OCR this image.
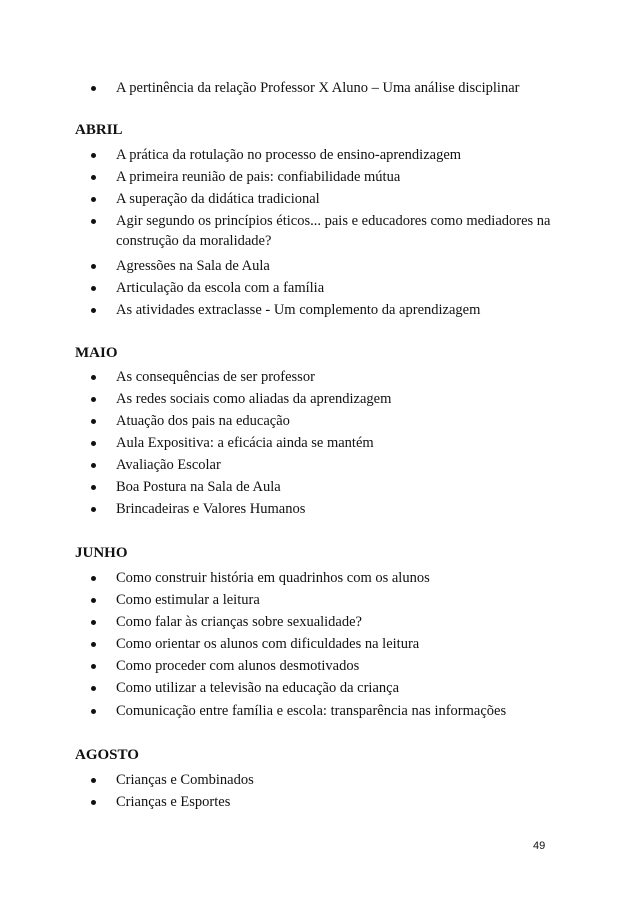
A pertinência da relação Professor X Aluno – Uma análise disciplinar
ABRIL
A prática da rotulação no processo de ensino-aprendizagem
A primeira reunião de pais: confiabilidade mútua
A superação da didática tradicional
Agir segundo os princípios éticos... pais e educadores como mediadores na construção da moralidade?
Agressões na Sala de Aula
Articulação da escola com a família
As atividades extraclasse - Um complemento da aprendizagem
MAIO
As consequências de ser professor
As redes sociais como aliadas da aprendizagem
Atuação dos pais na educação
Aula Expositiva: a eficácia ainda se mantém
Avaliação Escolar
Boa Postura na Sala de Aula
Brincadeiras e Valores Humanos
JUNHO
Como construir história em quadrinhos com os alunos
Como estimular a leitura
Como falar às crianças sobre sexualidade?
Como orientar os alunos com dificuldades na leitura
Como proceder com alunos desmotivados
Como utilizar a televisão na educação da criança
Comunicação entre família e escola: transparência nas informações
AGOSTO
Crianças e Combinados
Crianças e Esportes
49
